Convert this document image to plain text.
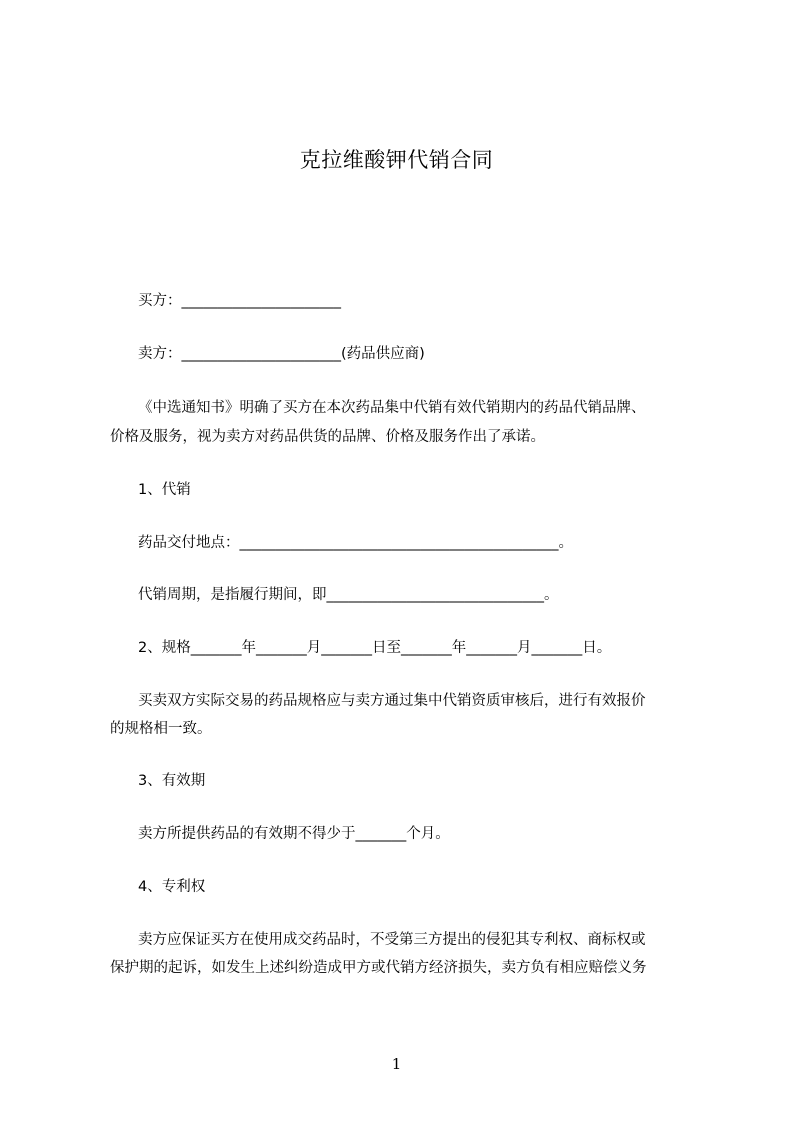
克拉维酸钾代销合同
买方：______________________
卖方：______________________(药品供应商)
《中选通知书》明确了买方在本次药品集中代销有效代销期内的药品代销品牌、
价格及服务，视为卖方对药品供货的品牌、价格及服务作出了承诺。
1、代销
药品交付地点：____________________________________________。
代销周期，是指履行期间，即______________________________。
2、规格_______年_______月_______日至_______年_______月_______日。
买卖双方实际交易的药品规格应与卖方通过集中代销资质审核后，进行有效报价
的规格相一致。
3、有效期
卖方所提供药品的有效期不得少于_______个月。
4、专利权
卖方应保证买方在使用成交药品时，不受第三方提出的侵犯其专利权、商标权或
保护期的起诉，如发生上述纠纷造成甲方或代销方经济损失，卖方负有相应赔偿义务
1
